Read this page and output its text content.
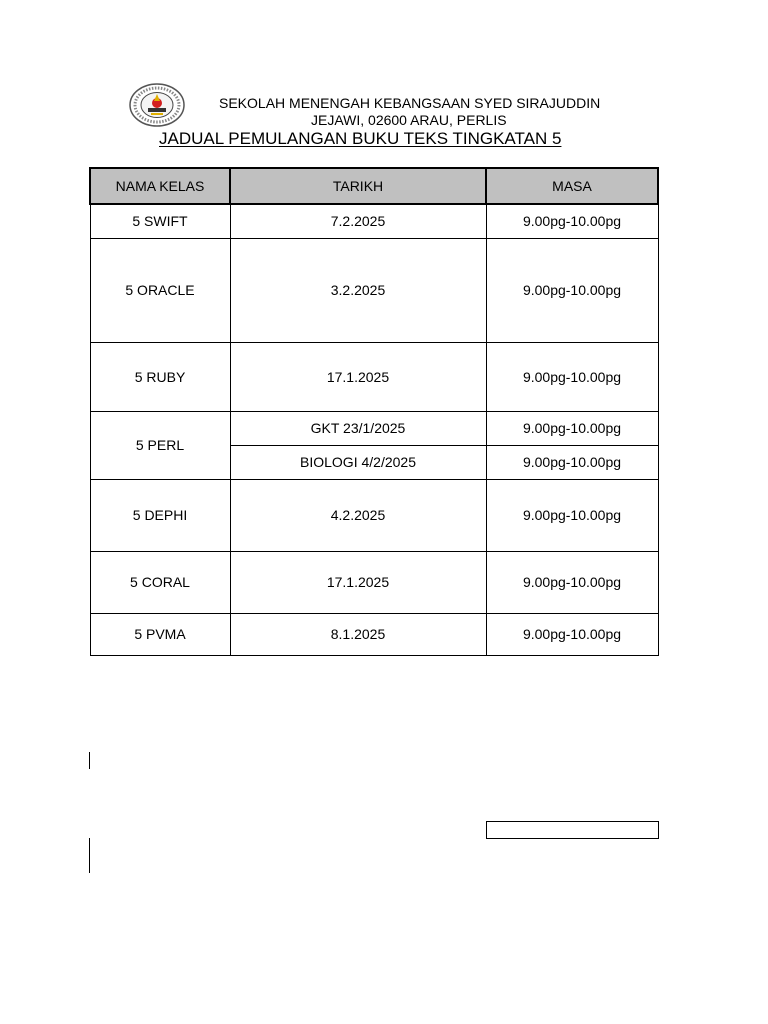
SEKOLAH MENENGAH KEBANGSAAN SYED SIRAJUDDIN
JEJAWI, 02600 ARAU, PERLIS
JADUAL PEMULANGAN BUKU TEKS TINGKATAN 5
NAMA KELAS	TARIKH	MASA
5 SWIFT	7.2.2025	9.00pg-10.00pg
5 ORACLE	3.2.2025	9.00pg-10.00pg
5 RUBY	17.1.2025	9.00pg-10.00pg
5 PERL	GKT 23/1/2025	9.00pg-10.00pg
	BIOLOGI 4/2/2025	9.00pg-10.00pg
5 DEPHI	4.2.2025	9.00pg-10.00pg
5 CORAL	17.1.2025	9.00pg-10.00pg
5 PVMA	8.1.2025	9.00pg-10.00pg
